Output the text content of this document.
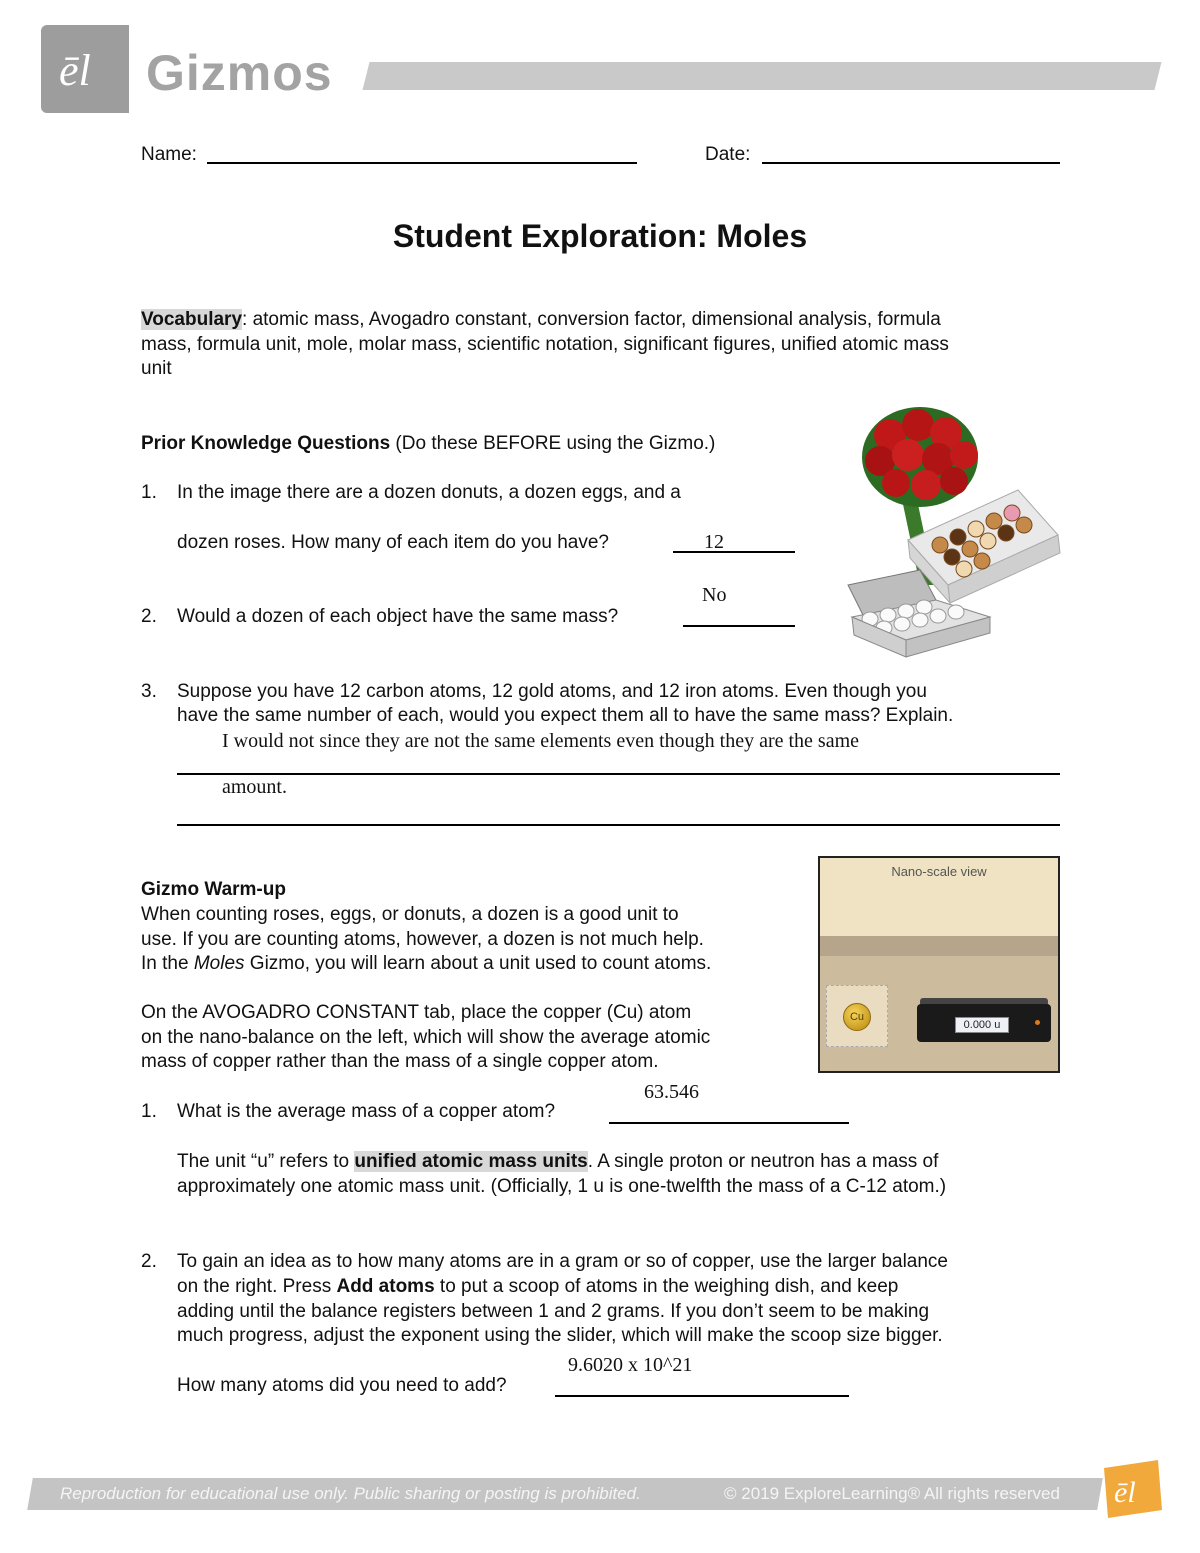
ēl Gizmos
Name:	Date:
Student Exploration: Moles
Vocabulary: atomic mass, Avogadro constant, conversion factor, dimensional analysis, formula
mass, formula unit, mole, molar mass, scientific notation, significant figures, unified atomic mass
unit
Prior Knowledge Questions (Do these BEFORE using the Gizmo.)
1. In the image there are a dozen donuts, a dozen eggs, and a
dozen roses. How many of each item do you have?	12
No
2. Would a dozen of each object have the same mass?
3. Suppose you have 12 carbon atoms, 12 gold atoms, and 12 iron atoms. Even though you
have the same number of each, would you expect them all to have the same mass? Explain.
I would not since they are not the same elements even though they are the same
amount.
Gizmo Warm-up
When counting roses, eggs, or donuts, a dozen is a good unit to
use. If you are counting atoms, however, a dozen is not much help.
In the Moles Gizmo, you will learn about a unit used to count atoms.
On the AVOGADRO CONSTANT tab, place the copper (Cu) atom
on the nano-balance on the left, which will show the average atomic
mass of copper rather than the mass of a single copper atom.
Nano-scale view
Cu
0.000 u
63.546
1. What is the average mass of a copper atom?
The unit “u” refers to unified atomic mass units. A single proton or neutron has a mass of
approximately one atomic mass unit. (Officially, 1 u is one-twelfth the mass of a C-12 atom.)
2. To gain an idea as to how many atoms are in a gram or so of copper, use the larger balance
on the right. Press Add atoms to put a scoop of atoms in the weighing dish, and keep
adding until the balance registers between 1 and 2 grams. If you don’t seem to be making
much progress, adjust the exponent using the slider, which will make the scoop size bigger.
9.6020 x 10^21
How many atoms did you need to add?
Reproduction for educational use only. Public sharing or posting is prohibited.	© 2019 ExploreLearning® All rights reserved ēl
